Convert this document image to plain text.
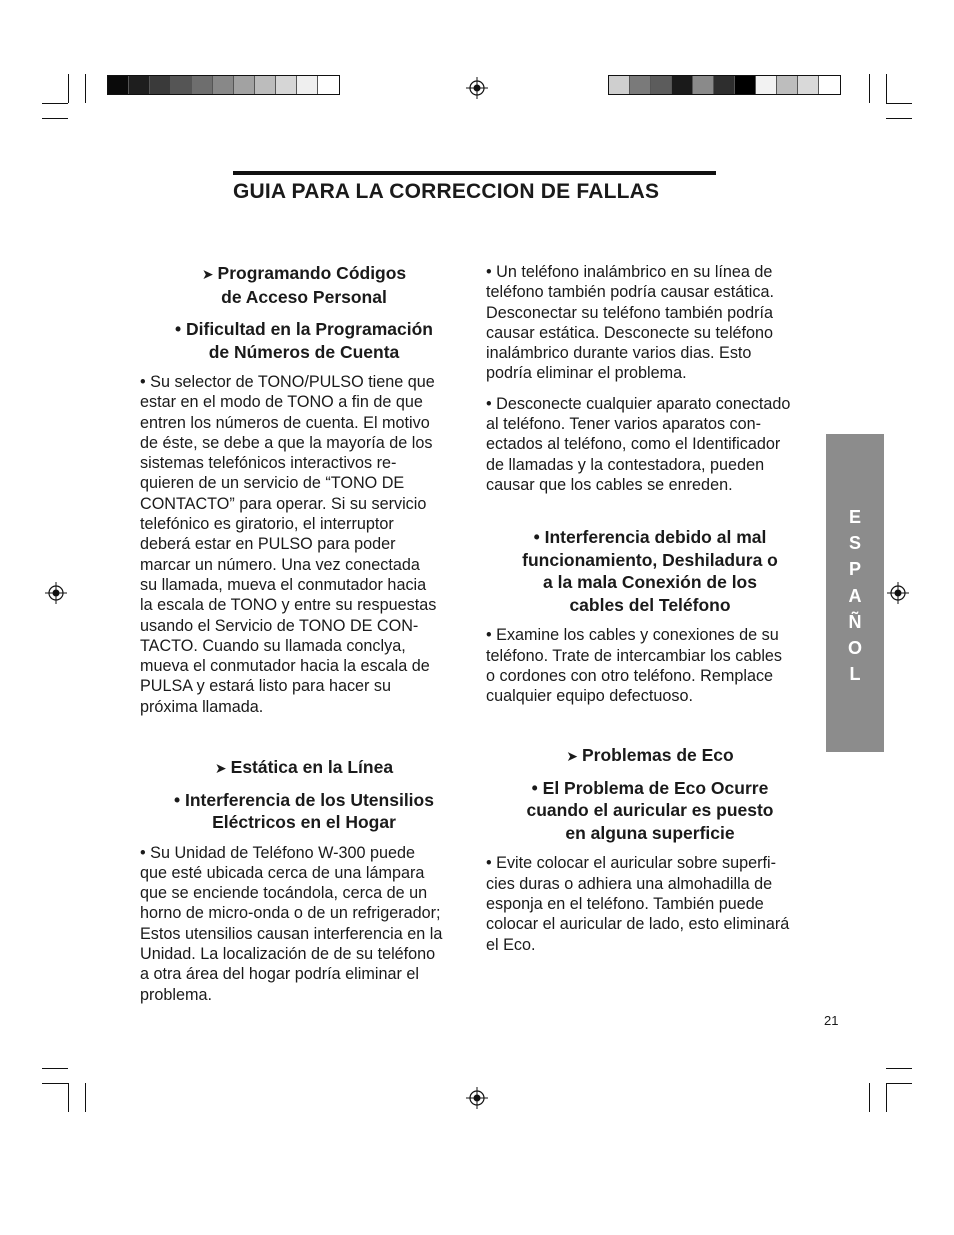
GUIA PARA LA CORRECCION DE FALLAS
➤ Programando Códigos
de Acceso Personal
• Dificultad en la Programación
de Números de Cuenta
• Su selector de TONO/PULSO tiene que
estar en el modo de TONO a fin de que
entren los números de cuenta. El motivo
de éste, se debe a que la mayoría de los
sistemas telefónicos interactivos re-
quieren de un servicio de “TONO DE
CONTACTO” para operar. Si su servicio
telefónico es giratorio, el interruptor
deberá estar en PULSO para poder
marcar un número. Una vez conectada
su llamada, mueva el conmutador hacia
la escala de TONO y entre su respuestas
usando el Servicio de TONO DE CON-
TACTO. Cuando su llamada conclya,
mueva el conmutador hacia la escala de
PULSA y estará listo para hacer su
próxima llamada.
➤ Estática en la Línea
• Interferencia de los Utensilios
Eléctricos en el Hogar
• Su Unidad de Teléfono W-300 puede
que esté ubicada cerca de una lámpara
que se enciende tocándola, cerca de un
horno de micro-onda o de un refrigerador;
Estos utensilios causan interferencia en la
Unidad. La localización de de su teléfono
a otra área del hogar podría eliminar el
problema.
• Un teléfono inalámbrico en su línea de
teléfono también podría causar estática.
Desconectar su teléfono también podría
causar estática. Desconecte su teléfono
inalámbrico durante varios dias. Esto
podría eliminar el problema.
• Desconecte cualquier aparato conectado
al teléfono. Tener varios aparatos con-
ectados al teléfono, como el Identificador
de llamadas y la contestadora, pueden
causar que los cables se enreden.
• Interferencia debido al mal
funcionamiento, Deshiladura o
a la mala Conexión de los
cables del Teléfono
• Examine los cables y conexiones de su
teléfono. Trate de intercambiar los cables
o cordones con otro teléfono. Remplace
cualquier equipo defectuoso.
➤ Problemas de Eco
• El Problema de Eco Ocurre
cuando el auricular es puesto
en alguna superficie
• Evite colocar el auricular sobre superfi-
cies duras o adhiera una almohadilla de
esponja en el teléfono. También puede
colocar el auricular de lado, esto eliminará
el Eco.
E
S
P
A
Ñ
O
L
21
